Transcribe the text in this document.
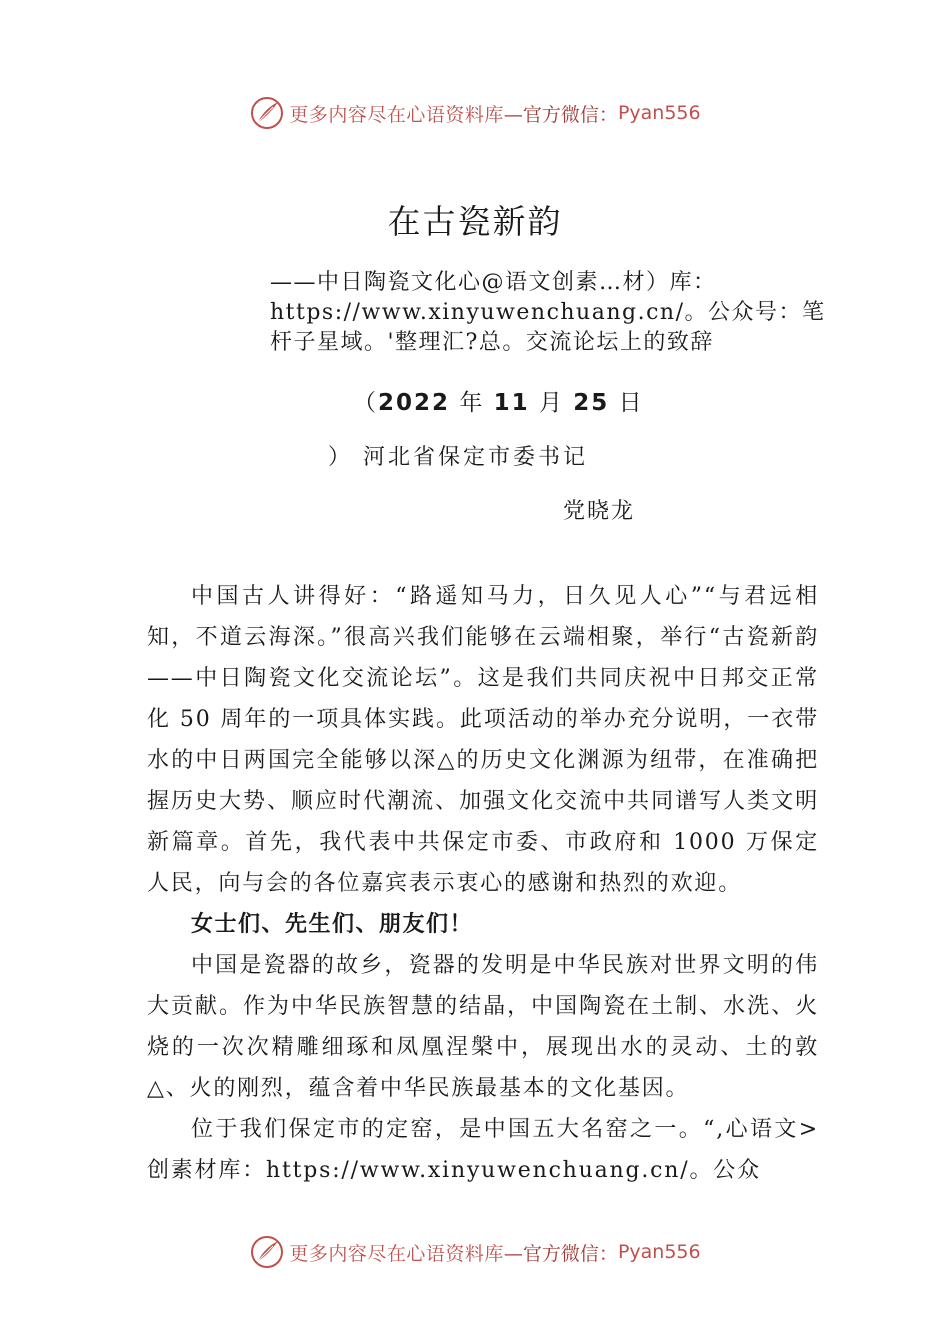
更多内容尽在心语资料库 —官方微信： Pyan556
在古瓷新韵
——中日陶瓷文化心@语文创素…材）库：https://www.xinyuwenchuang.cn/。公众号：笔杆子星域。'整理汇?总。交流论坛上的致辞
（2022 年 11 月 25 日
） 河北省保定市委书记
党晓龙

中国古人讲得好：“路遥知马力，日久见人心”“与君远相知，不道云海深。”很高兴我们能够在云端相聚，举行“古瓷新韵——中日陶瓷文化交流论坛”。这是我们共同庆祝中日邦交正常化 50 周年的一项具体实践。此项活动的举办充分说明，一衣带水的中日两国完全能够以深△的历史文化渊源为纽带，在准确把握历史大势、顺应时代潮流、加强文化交流中共同谱写人类文明新篇章。首先，我代表中共保定市委、市政府和 1000 万保定人民，向与会的各位嘉宾表示衷心的感谢和热烈的欢迎。

女士们、先生们、朋友们！

中国是瓷器的故乡，瓷器的发明是中华民族对世界文明的伟大贡献。作为中华民族智慧的结晶，中国陶瓷在土制、水洗、火烧的一次次精雕细琢和凤凰涅槃中，展现出水的灵动、土的敦△、火的刚烈，蕴含着中华民族最基本的文化基因。

位于我们保定市的定窑，是中国五大名窑之一。“,心语文>创素材库：https://www.xinyuwenchuang.cn/。公众

更多内容尽在心语资料库 —官方微信： Pyan556
